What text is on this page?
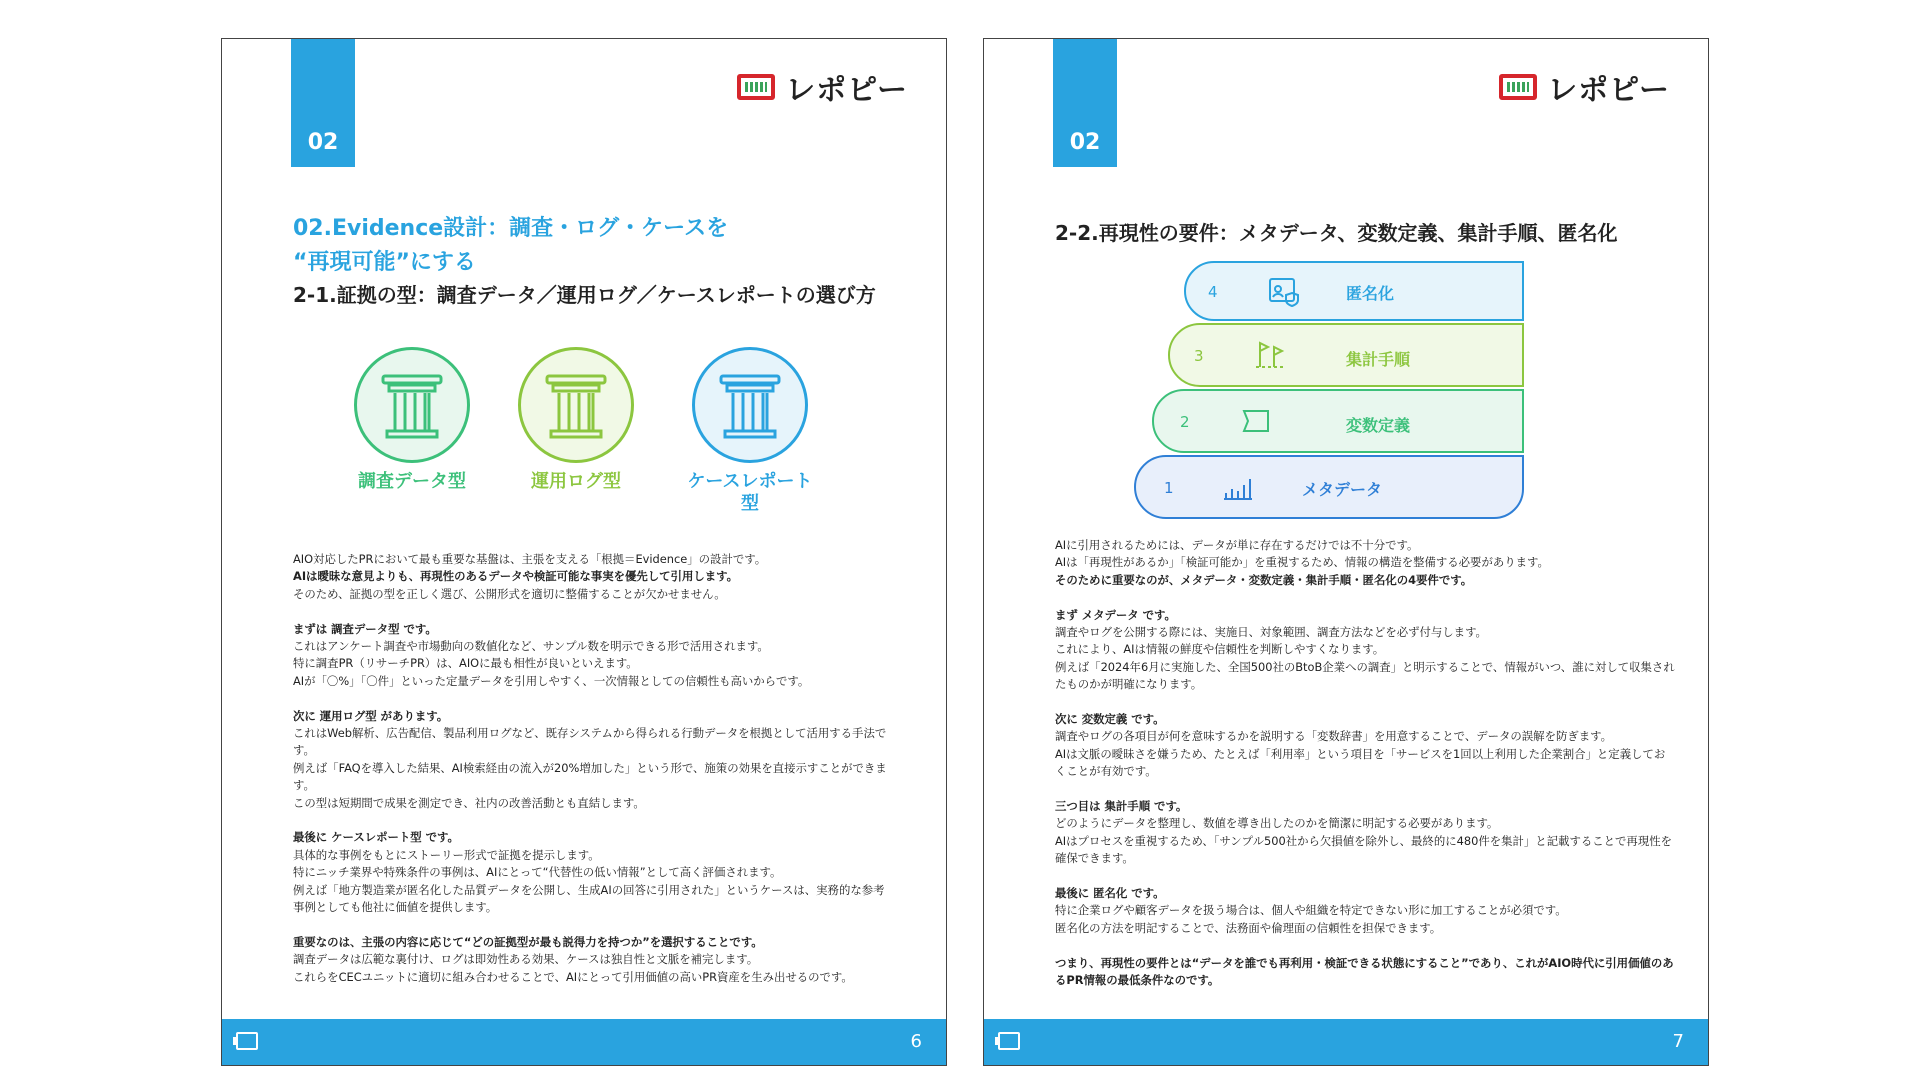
02
レポピー
02.Evidence設計：調査・ログ・ケースを
“再現可能”にする
2-1.証拠の型：調査データ／運用ログ／ケースレポートの選び方
調査データ型	運用ログ型	ケースレポート型

AIO対応したPRにおいて最も重要な基盤は、主張を支える「根拠＝Evidence」の設計です。
AIは曖昧な意見よりも、再現性のあるデータや検証可能な事実を優先して引用します。
そのため、証拠の型を正しく選び、公開形式を適切に整備することが欠かせません。

まずは 調査データ型 です。
これはアンケート調査や市場動向の数値化など、サンプル数を明示できる形で活用されます。
特に調査PR（リサーチPR）は、AIOに最も相性が良いといえます。
AIが「〇%」「〇件」といった定量データを引用しやすく、一次情報としての信頼性も高いからです。

次に 運用ログ型 があります。
これはWeb解析、広告配信、製品利用ログなど、既存システムから得られる行動データを根拠として活用する手法です。
例えば「FAQを導入した結果、AI検索経由の流入が20%増加した」という形で、施策の効果を直接示すことができます。
この型は短期間で成果を測定でき、社内の改善活動とも直結します。

最後に ケースレポート型 です。
具体的な事例をもとにストーリー形式で証拠を提示します。
特にニッチ業界や特殊条件の事例は、AIにとって“代替性の低い情報”として高く評価されます。
例えば「地方製造業が匿名化した品質データを公開し、生成AIの回答に引用された」というケースは、実務的な参考事例としても他社に価値を提供します。

重要なのは、主張の内容に応じて“どの証拠型が最も説得力を持つか”を選択することです。
調査データは広範な裏付け、ログは即効性ある効果、ケースは独自性と文脈を補完します。
これらをCECユニットに適切に組み合わせることで、AIにとって引用価値の高いPR資産を生み出せるのです。

6
02
レポピー
2-2.再現性の要件：メタデータ、変数定義、集計手順、匿名化
4	匿名化
3	集計手順
2	変数定義
1	メタデータ

AIに引用されるためには、データが単に存在するだけでは不十分です。
AIは「再現性があるか」「検証可能か」を重視するため、情報の構造を整備する必要があります。
そのために重要なのが、メタデータ・変数定義・集計手順・匿名化の4要件です。

まず メタデータ です。
調査やログを公開する際には、実施日、対象範囲、調査方法などを必ず付与します。
これにより、AIは情報の鮮度や信頼性を判断しやすくなります。
例えば「2024年6月に実施した、全国500社のBtoB企業への調査」と明示することで、情報がいつ、誰に対して収集されたものかが明確になります。

次に 変数定義 です。
調査やログの各項目が何を意味するかを説明する「変数辞書」を用意することで、データの誤解を防ぎます。
AIは文脈の曖昧さを嫌うため、たとえば「利用率」という項目を「サービスを1回以上利用した企業割合」と定義しておくことが有効です。

三つ目は 集計手順 です。
どのようにデータを整理し、数値を導き出したのかを簡潔に明記する必要があります。
AIはプロセスを重視するため、「サンプル500社から欠損値を除外し、最終的に480件を集計」と記載することで再現性を確保できます。

最後に 匿名化 です。
特に企業ログや顧客データを扱う場合は、個人や組織を特定できない形に加工することが必須です。
匿名化の方法を明記することで、法務面や倫理面の信頼性を担保できます。

つまり、再現性の要件とは“データを誰でも再利用・検証できる状態にすること”であり、これがAIO時代に引用価値のあるPR情報の最低条件なのです。

7
